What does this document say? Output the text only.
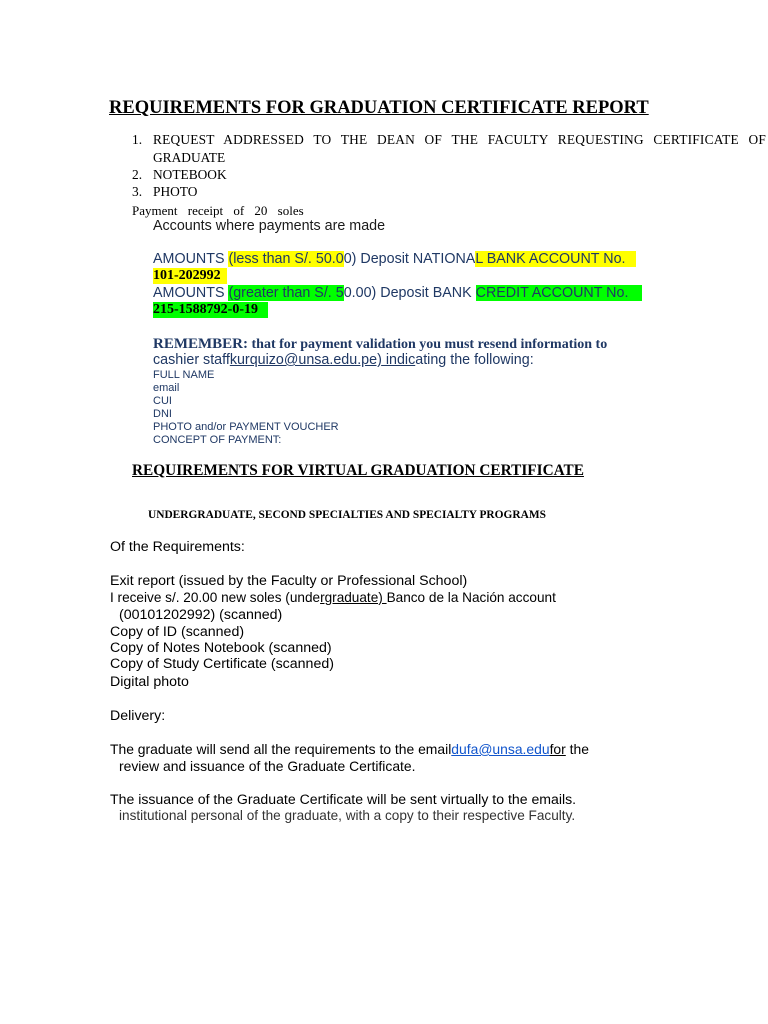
REQUIREMENTS FOR GRADUATION CERTIFICATE REPORT
1. REQUEST ADDRESSED TO THE DEAN OF THE FACULTY REQUESTING CERTIFICATE OF
GRADUATE
2. NOTEBOOK
3. PHOTO
Payment receipt of 20 soles
Accounts where payments are made
AMOUNTS (less than S/. 50.00) Deposit NATIONAL BANK ACCOUNT No.
101-202992
AMOUNTS (greater than S/. 50.00) Deposit BANK CREDIT ACCOUNT No.
215-1588792-0-19
REMEMBER: that for payment validation you must resend information to
cashier staffkurquizo@unsa.edu.pe) indicating the following:
FULL NAME
email
CUI
DNI
PHOTO and/or PAYMENT VOUCHER
CONCEPT OF PAYMENT:
REQUIREMENTS FOR VIRTUAL GRADUATION CERTIFICATE
UNDERGRADUATE, SECOND SPECIALTIES AND SPECIALTY PROGRAMS
Of the Requirements:
Exit report (issued by the Faculty or Professional School)
I receive s/. 20.00 new soles (undergraduate) Banco de la Nación account
(00101202992) (scanned)
Copy of ID (scanned)
Copy of Notes Notebook (scanned)
Copy of Study Certificate (scanned)
Digital photo
Delivery:
The graduate will send all the requirements to the emaildufa@unsa.edufor the
review and issuance of the Graduate Certificate.
The issuance of the Graduate Certificate will be sent virtually to the emails.
institutional personal of the graduate, with a copy to their respective Faculty.
